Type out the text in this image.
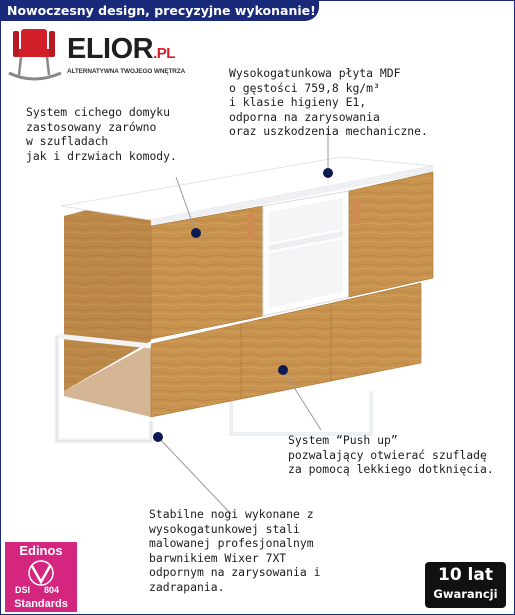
Nowoczesny design, precyzyjne wykonanie!
ELIOR.PL
ALTERNATYWNA TWOJEGO WNĘTRZA	Wysokogatunkowa płyta MDF
o gęstości 759,8 kg/m³
i klasie higieny E1,
odporna na zarysowania
oraz uszkodzenia mechaniczne.
System cichego domyku
zastosowany zarówno
w szufladach
jak i drzwiach komody.
System “Push up”
pozwalający otwierać szufladę
za pomocą lekkiego dotknięcia.
Stabilne nogi wykonane z
wysokogatunkowej stali
malowanej profesjonalnym
barwnikiem Wixer 7XT
odpornym na zarysowania i
zadrapania.
Edinos
DSI 804
Standards
10 lat
Gwarancji
